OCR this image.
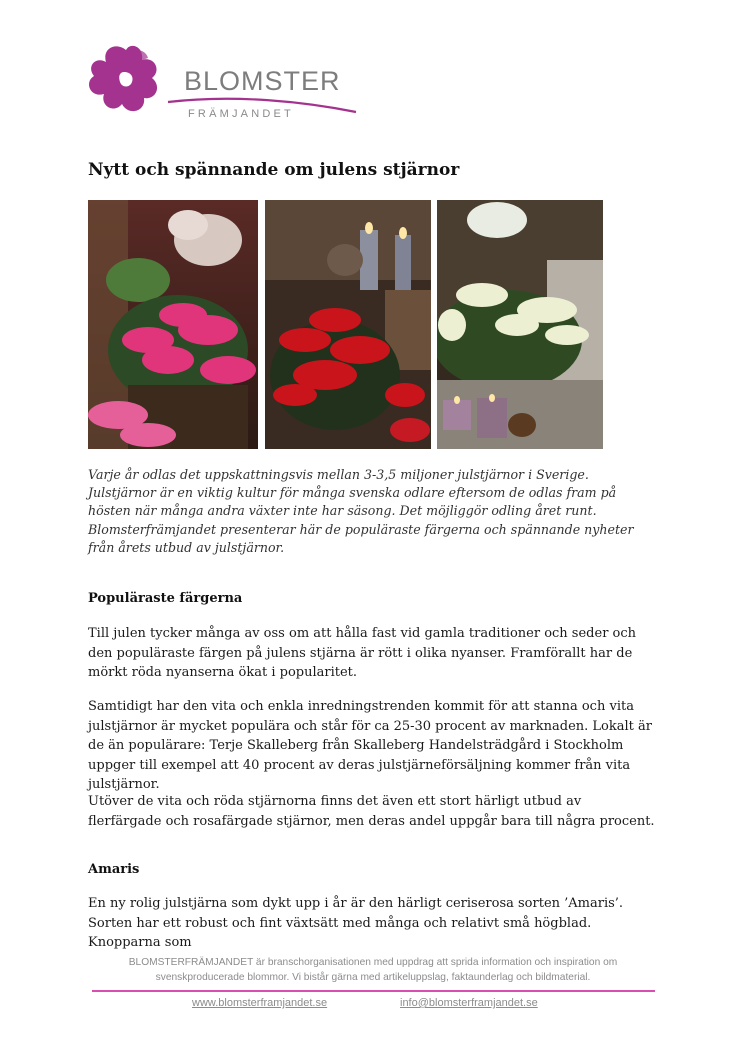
BLOMSTER
FRÄMJANDET
Nytt och spännande om julens stjärnor

Varje år odlas det uppskattningsvis mellan 3-3,5 miljoner julstjärnor i Sverige. Julstjärnor är en viktig kultur för många svenska odlare eftersom de odlas fram på hösten när många andra växter inte har säsong. Det möjliggör odling året runt. Blomsterfrämjandet presenterar här de populäraste färgerna och spännande nyheter från årets utbud av julstjärnor.

Populäraste färgerna

Till julen tycker många av oss om att hålla fast vid gamla traditioner och seder och den populäraste färgen på julens stjärna är rött i olika nyanser. Framförallt har de mörkt röda nyanserna ökat i popularitet.

Samtidigt har den vita och enkla inredningstrenden kommit för att stanna och vita julstjärnor är mycket populära och står för ca 25-30 procent av marknaden. Lokalt är de än populärare: Terje Skalleberg från Skalleberg Handelsträdgård i Stockholm uppger till exempel att 40 procent av deras julstjärneförsäljning kommer från vita julstjärnor.

Utöver de vita och röda stjärnorna finns det även ett stort härligt utbud av flerfärgade och rosafärgade stjärnor, men deras andel uppgår bara till några procent.

Amaris

En ny rolig julstjärna som dykt upp i år är den härligt ceriserosa sorten ’Amaris’. Sorten har ett robust och fint växtsätt med många och relativt små högblad. Knopparna som

BLOMSTERFRÄMJANDET är branschorganisationen med uppdrag att sprida information och inspiration om svenskproducerade blommor. Vi bistår gärna med artikeluppslag, faktaunderlag och bildmaterial.

www.blomsterframjandet.se	info@blomsterframjandet.se
